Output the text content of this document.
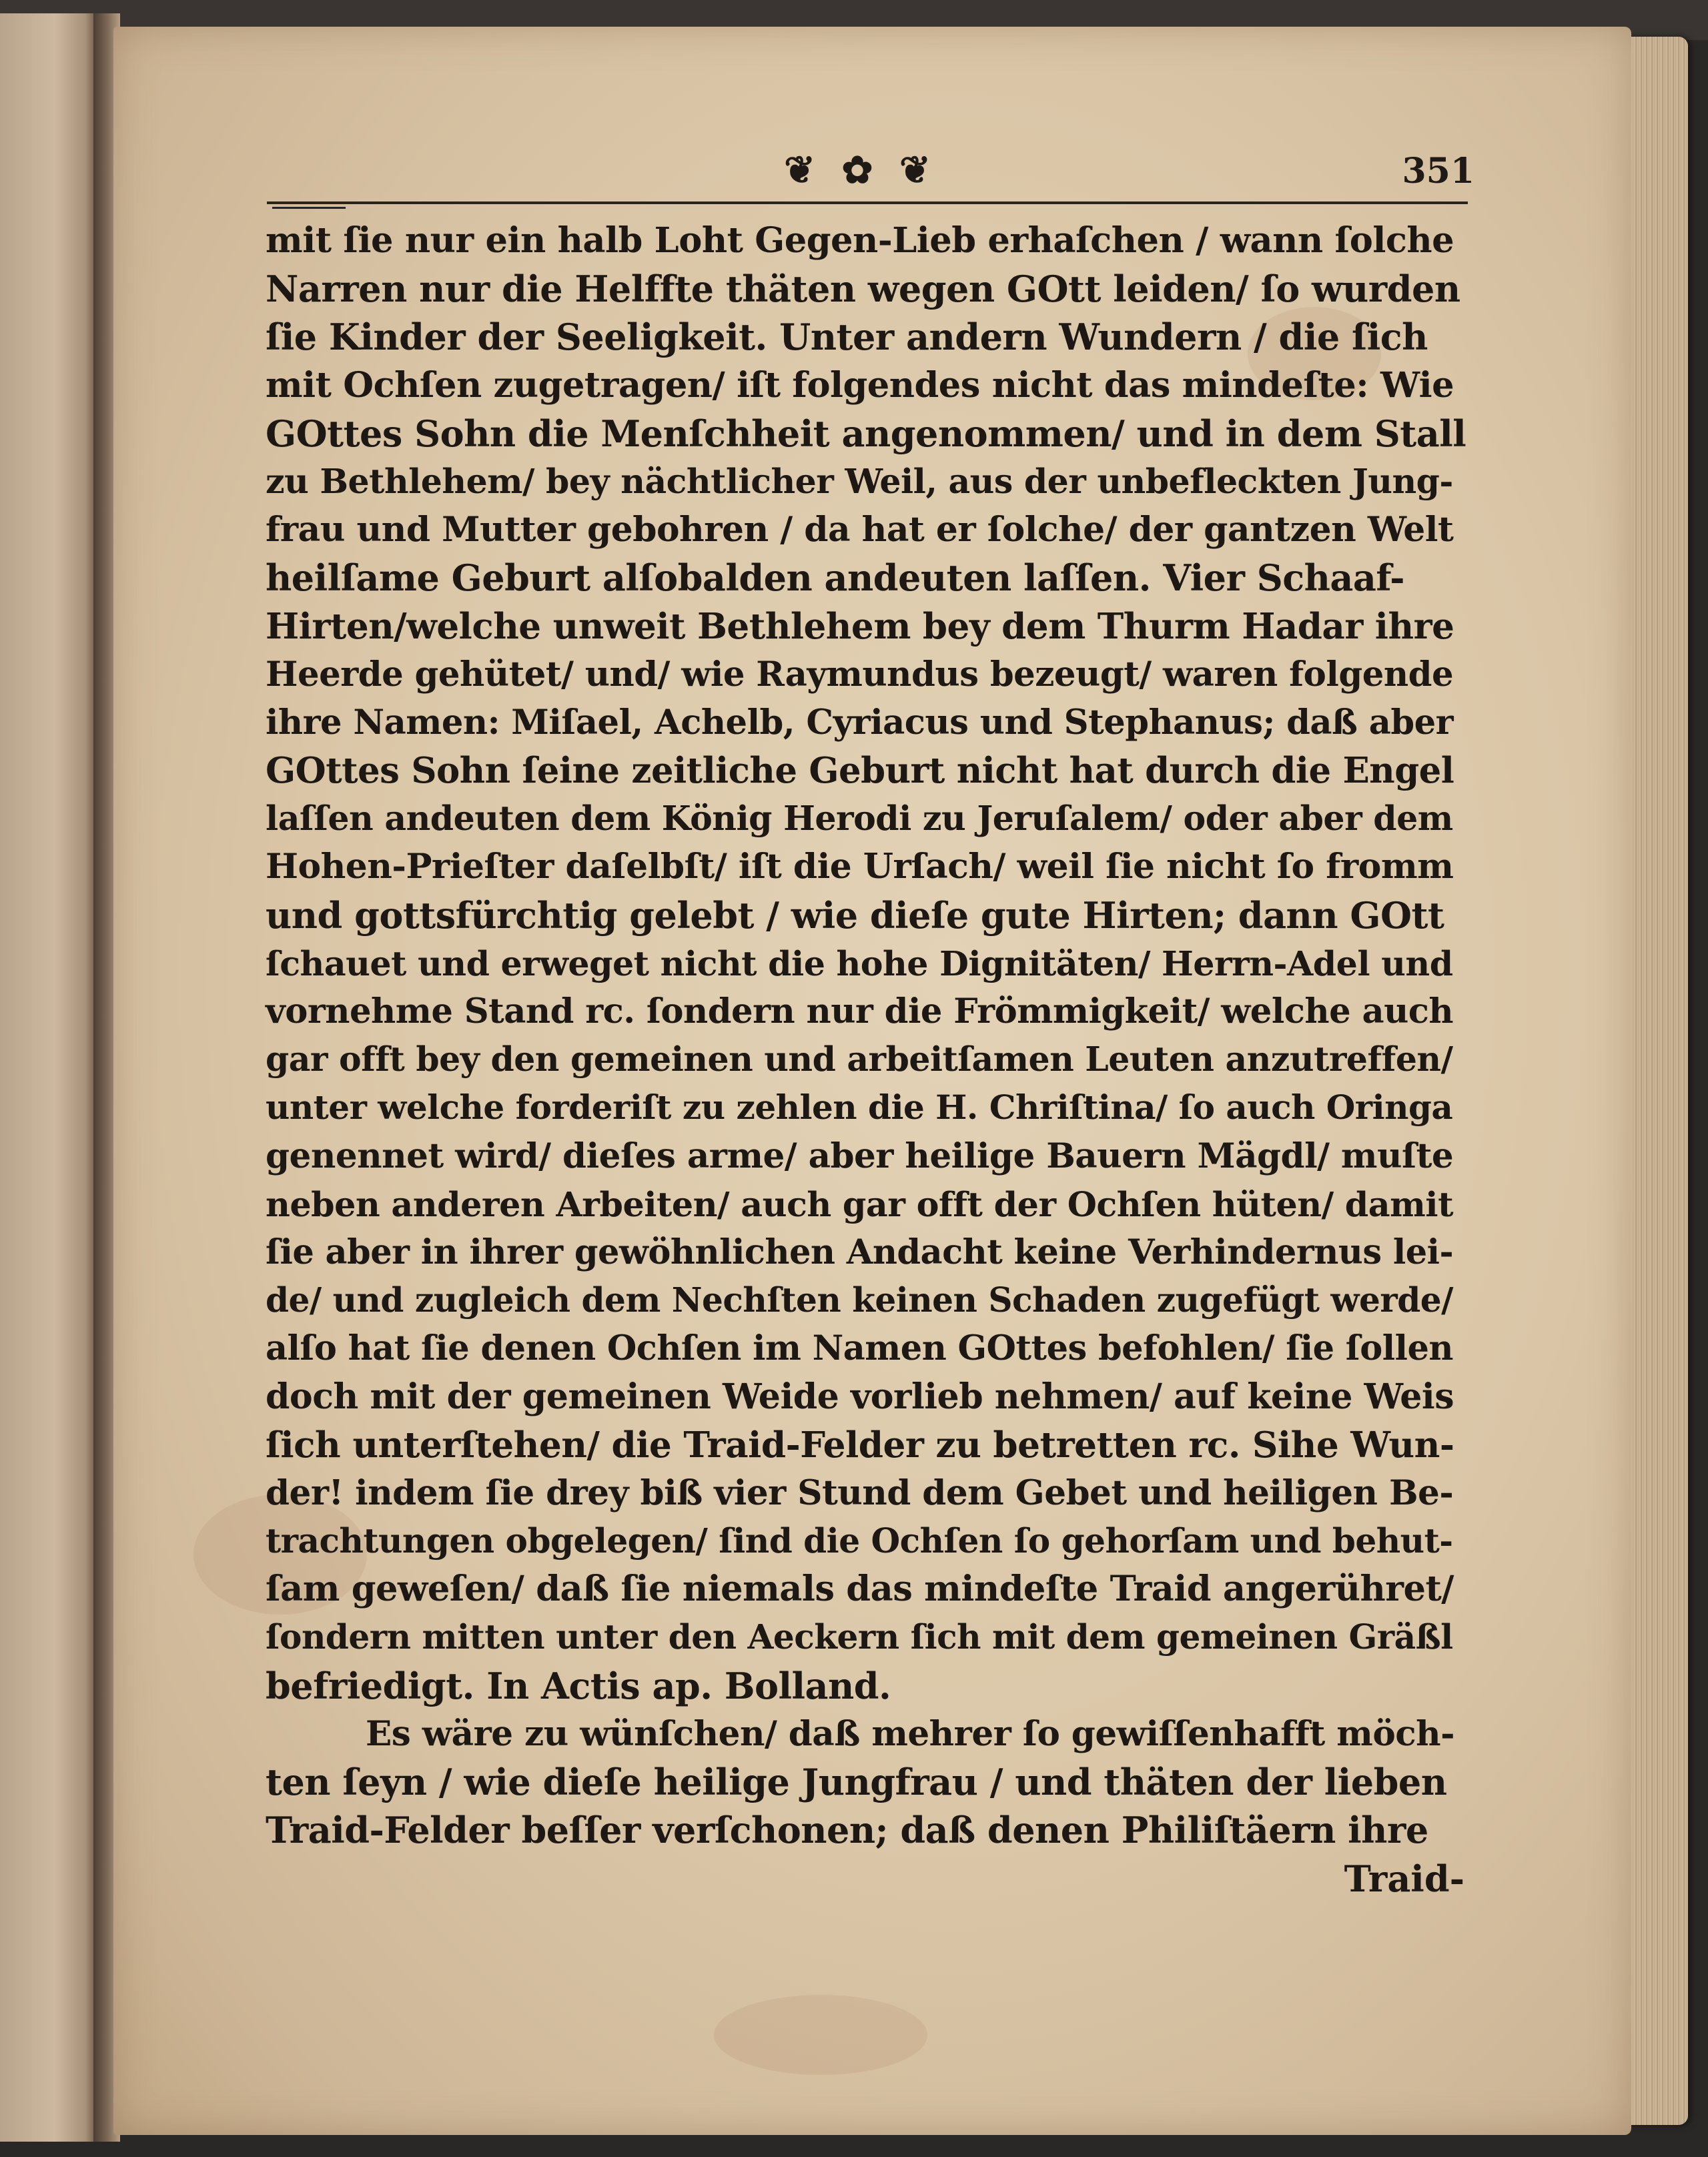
❦ ✿ ❦	351
mit ſie nur ein halb Loht Gegen-Lieb erhaſchen / wann ſolche
Narren nur die Helffte thäten wegen GOtt leiden/ ſo wurden
ſie Kinder der Seeligkeit. Unter andern Wundern / die ſich
mit Ochſen zugetragen/ iſt folgendes nicht das mindeſte: Wie
GOttes Sohn die Menſchheit angenommen/ und in dem Stall
zu Bethlehem/ bey nächtlicher Weil, aus der unbefleckten Jung-
frau und Mutter gebohren / da hat er ſolche/ der gantzen Welt
heilſame Geburt alſobalden andeuten laſſen. Vier Schaaf-
Hirten/welche unweit Bethlehem bey dem Thurm Hadar ihre
Heerde gehütet/ und/ wie Raymundus bezeugt/ waren folgende
ihre Namen: Miſael, Achelb, Cyriacus und Stephanus; daß aber
GOttes Sohn ſeine zeitliche Geburt nicht hat durch die Engel
laſſen andeuten dem König Herodi zu Jeruſalem/ oder aber dem
Hohen-Prieſter daſelbſt/ iſt die Urſach/ weil ſie nicht ſo fromm
und gottsfürchtig gelebt / wie dieſe gute Hirten; dann GOtt
ſchauet und erweget nicht die hohe Dignitäten/ Herrn-Adel und
vornehme Stand rc. ſondern nur die Frömmigkeit/ welche auch
gar offt bey den gemeinen und arbeitſamen Leuten anzutreffen/
unter welche forderiſt zu zehlen die H. Chriſtina/ ſo auch Oringa
genennet wird/ dieſes arme/ aber heilige Bauern Mägdl/ muſte
neben anderen Arbeiten/ auch gar offt der Ochſen hüten/ damit
ſie aber in ihrer gewöhnlichen Andacht keine Verhindernus lei-
de/ und zugleich dem Nechſten keinen Schaden zugefügt werde/
alſo hat ſie denen Ochſen im Namen GOttes befohlen/ ſie ſollen
doch mit der gemeinen Weide vorlieb nehmen/ auf keine Weis
ſich unterſtehen/ die Traid-Felder zu betretten rc. Sihe Wun-
der! indem ſie drey biß vier Stund dem Gebet und heiligen Be-
trachtungen obgelegen/ ſind die Ochſen ſo gehorſam und behut-
ſam geweſen/ daß ſie niemals das mindeſte Traid angerühret/
ſondern mitten unter den Aeckern ſich mit dem gemeinen Gräßl
befriedigt. In Actis ap. Bolland.
Es wäre zu wünſchen/ daß mehrer ſo gewiſſenhafft möch-
ten ſeyn / wie dieſe heilige Jungfrau / und thäten der lieben
Traid-Felder beſſer verſchonen; daß denen Philiſtäern ihre
Traid-
